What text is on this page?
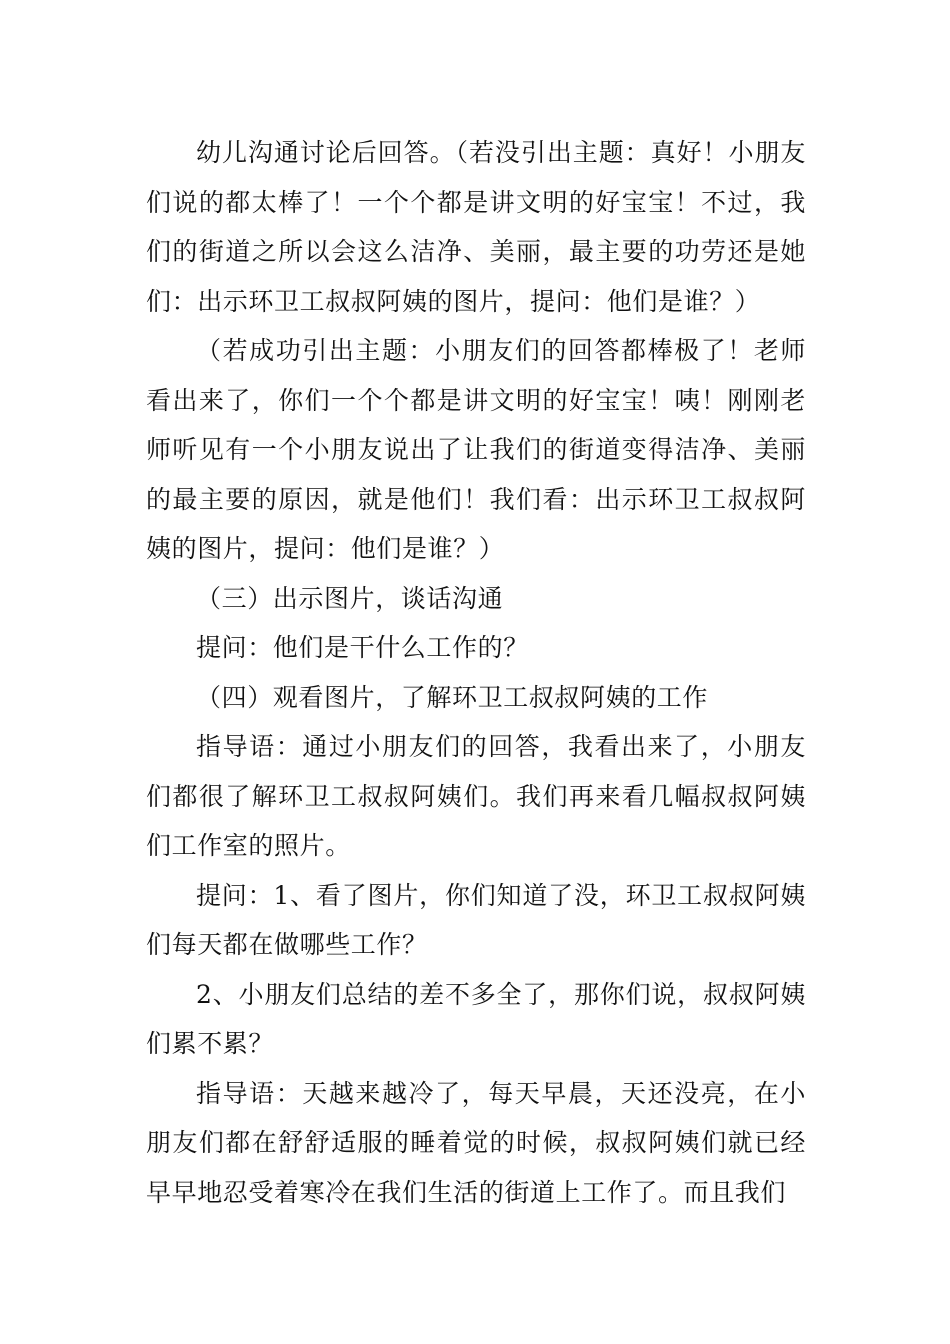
幼儿沟通讨论后回答。（若没引出主题：真好！小朋友们说的都太棒了！一个个都是讲文明的好宝宝！不过，我们的街道之所以会这么洁净、美丽，最主要的功劳还是她们：出示环卫工叔叔阿姨的图片，提问：他们是谁？）

（若成功引出主题：小朋友们的回答都棒极了！老师看出来了，你们一个个都是讲文明的好宝宝！咦！刚刚老师听见有一个小朋友说出了让我们的街道变得洁净、美丽的最主要的原因，就是他们！我们看：出示环卫工叔叔阿姨的图片，提问：他们是谁？）

（三）出示图片，谈话沟通

提问：他们是干什么工作的？

（四）观看图片，了解环卫工叔叔阿姨的工作

指导语：通过小朋友们的回答，我看出来了，小朋友们都很了解环卫工叔叔阿姨们。我们再来看几幅叔叔阿姨们工作室的照片。

提问：1、看了图片，你们知道了没，环卫工叔叔阿姨们每天都在做哪些工作？

2、小朋友们总结的差不多全了，那你们说，叔叔阿姨们累不累？

指导语：天越来越冷了，每天早晨，天还没亮，在小朋友们都在舒舒适服的睡着觉的时候，叔叔阿姨们就已经早早地忍受着寒冷在我们生活的街道上工作了。而且我们
